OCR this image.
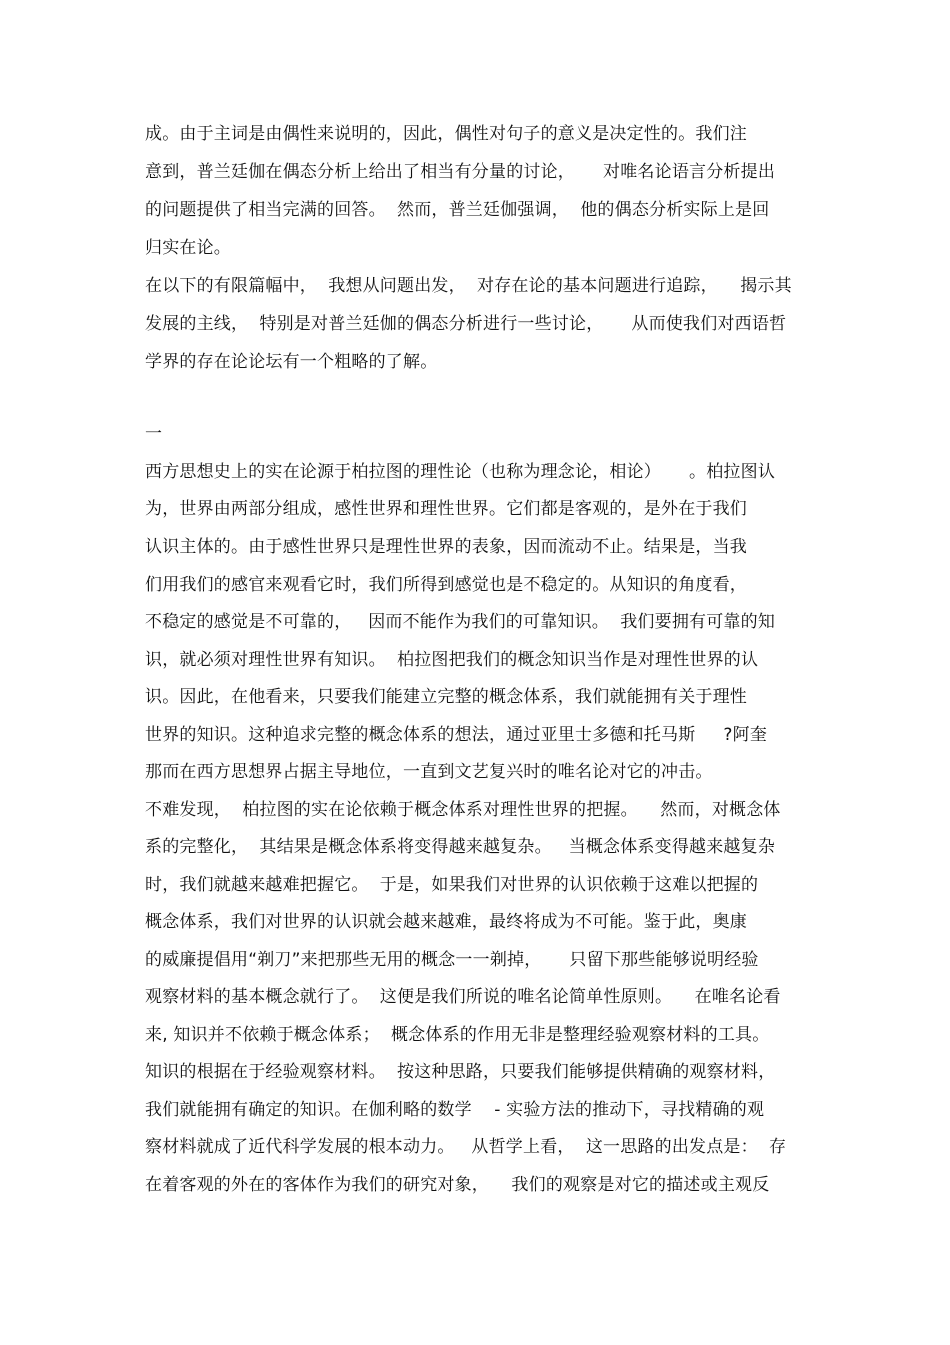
成。由于主词是由偶性来说明的，因此，偶性对句子的意义是决定性的。我们注
意到，普兰廷伽在偶态分析上给出了相当有分量的讨论，     对唯名论语言分析提出
的问题提供了相当完满的回答。  然而，普兰廷伽强调，  他的偶态分析实际上是回
归实在论。
在以下的有限篇幅中，  我想从问题出发，  对存在论的基本问题进行追踪，    揭示其
发展的主线，  特别是对普兰廷伽的偶态分析进行一些讨论，     从而使我们对西语哲
学界的存在论论坛有一个粗略的了解。
一
西方思想史上的实在论源于柏拉图的理性论（也称为理念论，相论）     。柏拉图认
为，世界由两部分组成，感性世界和理性世界。它们都是客观的，是外在于我们
认识主体的。由于感性世界只是理性世界的表象，因而流动不止。结果是，当我
们用我们的感官来观看它时，我们所得到感觉也是不稳定的。从知识的角度看，
不稳定的感觉是不可靠的，   因而不能作为我们的可靠知识。  我们要拥有可靠的知
识，就必须对理性世界有知识。  柏拉图把我们的概念知识当作是对理性世界的认
识。因此，在他看来，只要我们能建立完整的概念体系，我们就能拥有关于理性
世界的知识。这种追求完整的概念体系的想法，通过亚里士多德和托马斯     ?阿奎
那而在西方思想界占据主导地位，一直到文艺复兴时的唯名论对它的冲击。
不难发现，  柏拉图的实在论依赖于概念体系对理性世界的把握。    然而，对概念体
系的完整化，  其结果是概念体系将变得越来越复杂。   当概念体系变得越来越复杂
时，我们就越来越难把握它。  于是，如果我们对世界的认识依赖于这难以把握的
概念体系，我们对世界的认识就会越来越难，最终将成为不可能。鉴于此，奥康
的威廉提倡用“剃刀”来把那些无用的概念一一剃掉，     只留下那些能够说明经验
观察材料的基本概念就行了。  这便是我们所说的唯名论简单性原则。    在唯名论看
来, 知识并不依赖于概念体系；  概念体系的作用无非是整理经验观察材料的工具。
知识的根据在于经验观察材料。  按这种思路，只要我们能够提供精确的观察材料，
我们就能拥有确定的知识。在伽利略的数学    - 实验方法的推动下，寻找精确的观
察材料就成了近代科学发展的根本动力。   从哲学上看，  这一思路的出发点是：  存
在着客观的外在的客体作为我们的研究对象，    我们的观察是对它的描述或主观反
